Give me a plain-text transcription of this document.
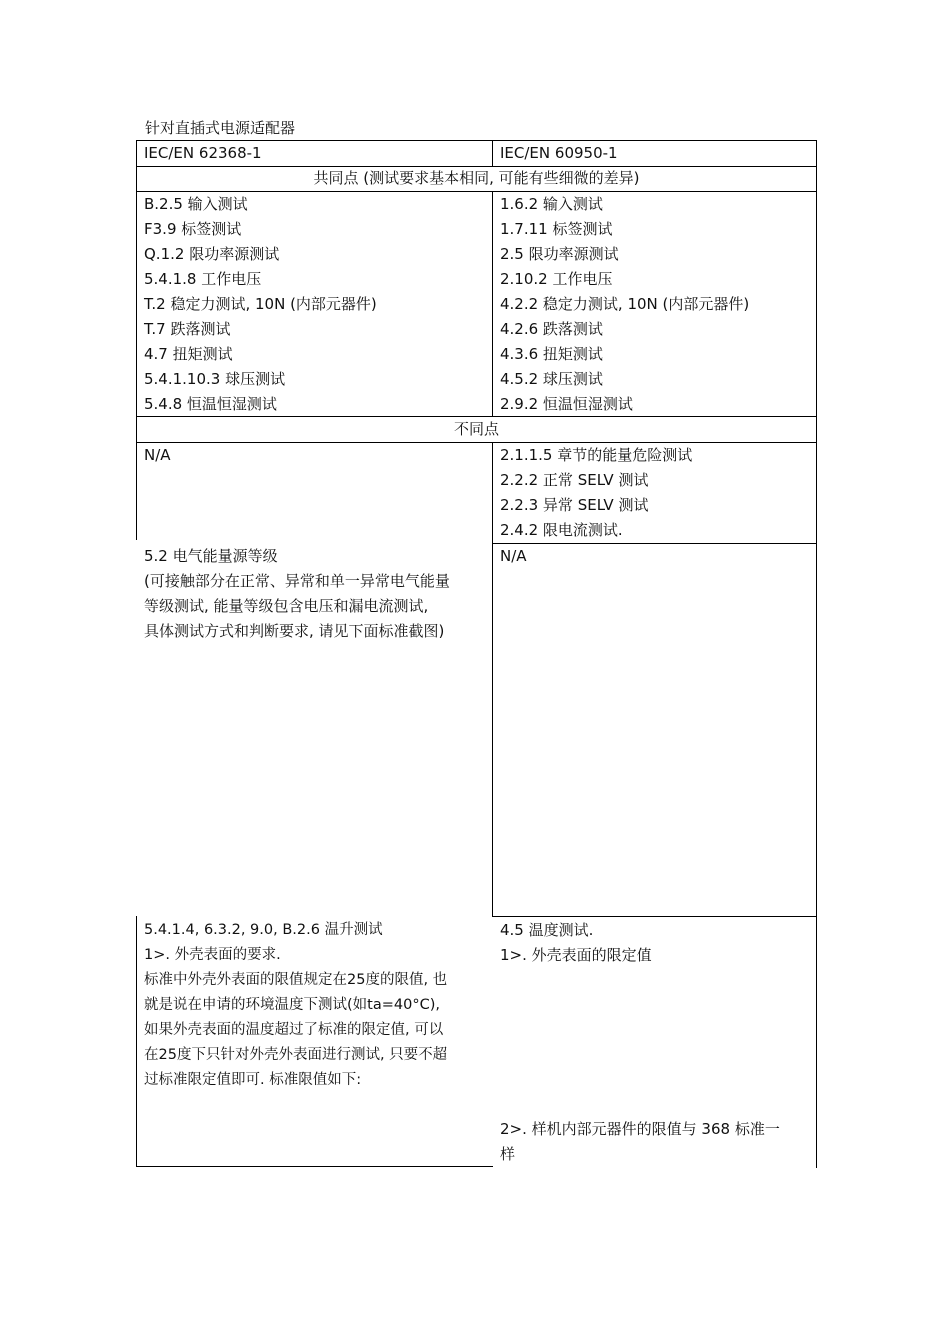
针对直插式电源适配器
IEC/EN 62368-1	IEC/EN 60950-1
共同点 (测试要求基本相同, 可能有些细微的差异)
B.2.5 输入测试
F3.9 标签测试
Q.1.2 限功率源测试
5.4.1.8 工作电压
T.2 稳定力测试, 10N (内部元器件)
T.7 跌落测试
4.7 扭矩测试
5.4.1.10.3 球压测试
5.4.8 恒温恒湿测试
1.6.2 输入测试
1.7.11 标签测试
2.5 限功率源测试
2.10.2 工作电压
4.2.2 稳定力测试, 10N (内部元器件)
4.2.6 跌落测试
4.3.6 扭矩测试
4.5.2 球压测试
2.9.2 恒温恒湿测试
不同点
N/A	2.1.1.5 章节的能量危险测试
2.2.2 正常 SELV 测试
2.2.3 异常 SELV 测试
2.4.2 限电流测试.
5.2 电气能量源等级
(可接触部分在正常、异常和单一异常电气能量
等级测试, 能量等级包含电压和漏电流测试,
具体测试方式和判断要求, 请见下面标准截图)
N/A
5.4.1.4, 6.3.2, 9.0, B.2.6 温升测试
1>. 外壳表面的要求.
标准中外壳外表面的限值规定在25度的限值, 也
就是说在申请的环境温度下测试(如ta=40°C),
如果外壳表面的温度超过了标准的限定值, 可以
在25度下只针对外壳外表面进行测试, 只要不超
过标准限定值即可. 标准限值如下:
4.5 温度测试.
1>. 外壳表面的限定值
2>. 样机内部元器件的限值与 368 标准一
样
